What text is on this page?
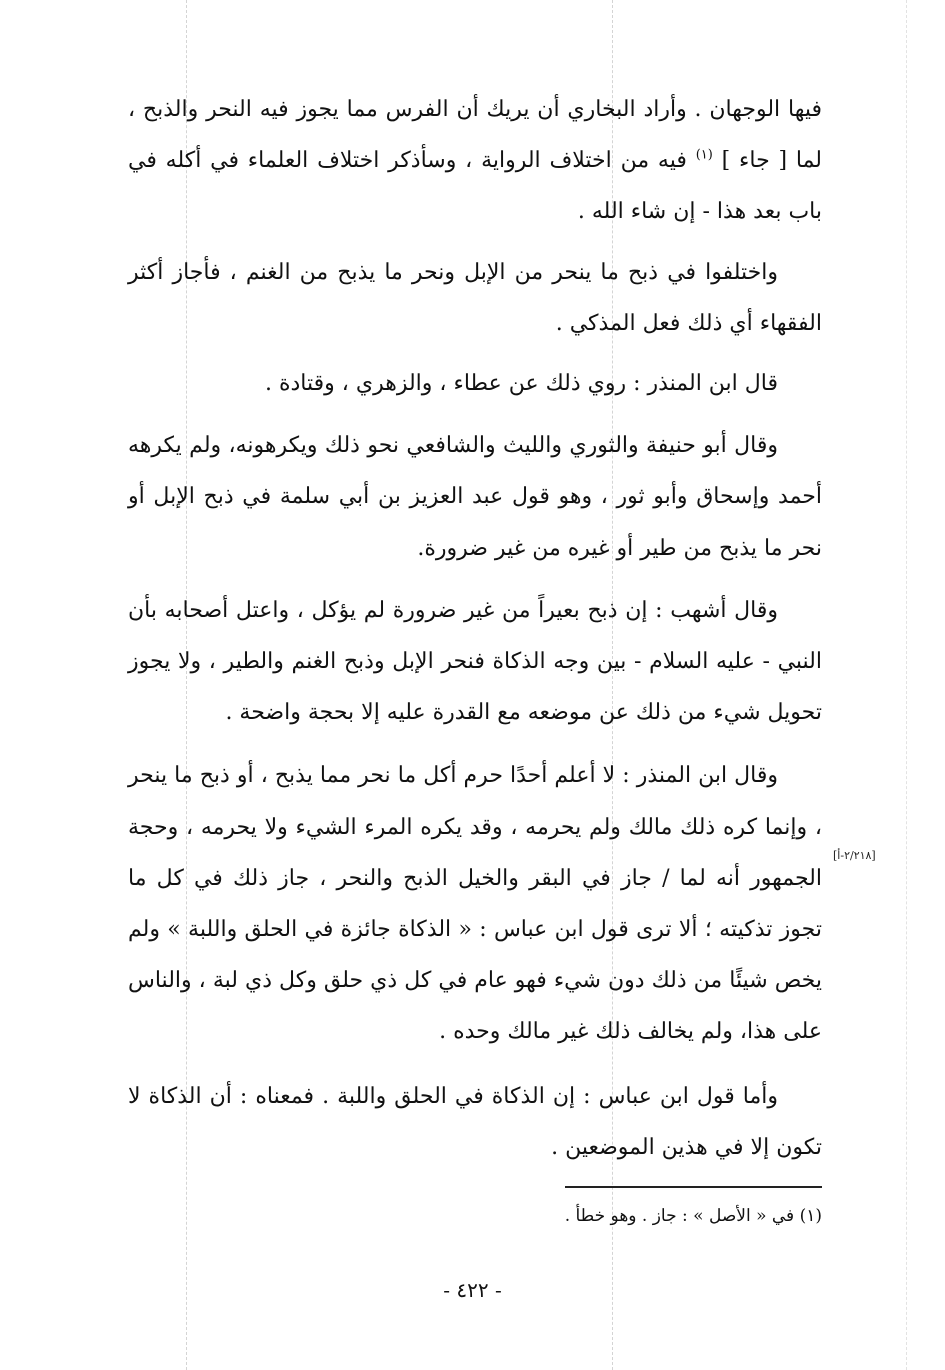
فيها الوجهان . وأراد البخاري أن يريك أن الفرس مما يجوز فيه النحر والذبح ، لما [ جاء ] $^{(١)}$ فيه من اختلاف الرواية ، وسأذكر اختلاف العلماء في أكله في باب بعد هذا - إن شاء الله .

واختلفوا في ذبح ما ينحر من الإبل ونحر ما يذبح من الغنم ، فأجاز أكثر الفقهاء أي ذلك فعل المذكي .

قال ابن المنذر : روي ذلك عن عطاء ، والزهري ، وقتادة .

وقال أبو حنيفة والثوري والليث والشافعي نحو ذلك ويكرهونه، ولم يكرهه أحمد وإسحاق وأبو ثور ، وهو قول عبد العزيز بن أبي سلمة في ذبح الإبل أو نحر ما يذبح من طير أو غيره من غير ضرورة.

وقال أشهب : إن ذبح بعيراً من غير ضرورة لم يؤكل ، واعتل أصحابه بأن النبي - عليه السلام - بين وجه الذكاة فنحر الإبل وذبح الغنم والطير ، ولا يجوز تحويل شيء من ذلك عن موضعه مع القدرة عليه إلا بحجة واضحة .

وقال ابن المنذر : لا أعلم أحدًا حرم أكل ما نحر مما يذبح ، أو ذبح ما ينحر ، وإنما كره ذلك مالك ولم يحرمه ، وقد يكره المرء الشيء ولا يحرمه ، وحجة الجمهور أنه لما / جاز في البقر والخيل الذبح والنحر ، جاز ذلك في كل ما تجوز تذكيته ؛ ألا ترى قول ابن عباس : « الذكاة جائزة في الحلق واللبة » ولم يخص شيئًا من ذلك دون شيء فهو عام في كل ذي حلق وكل ذي لبة ، والناس على هذا، ولم يخالف ذلك غير مالك وحده .

وأما قول ابن عباس : إن الذكاة في الحلق واللبة . فمعناه : أن الذكاة لا تكون إلا في هذين الموضعين .

[٢/٢١٨-أ]
(١) في « الأصل » : جاز . وهو خطأ .
- ٤٢٢ -
